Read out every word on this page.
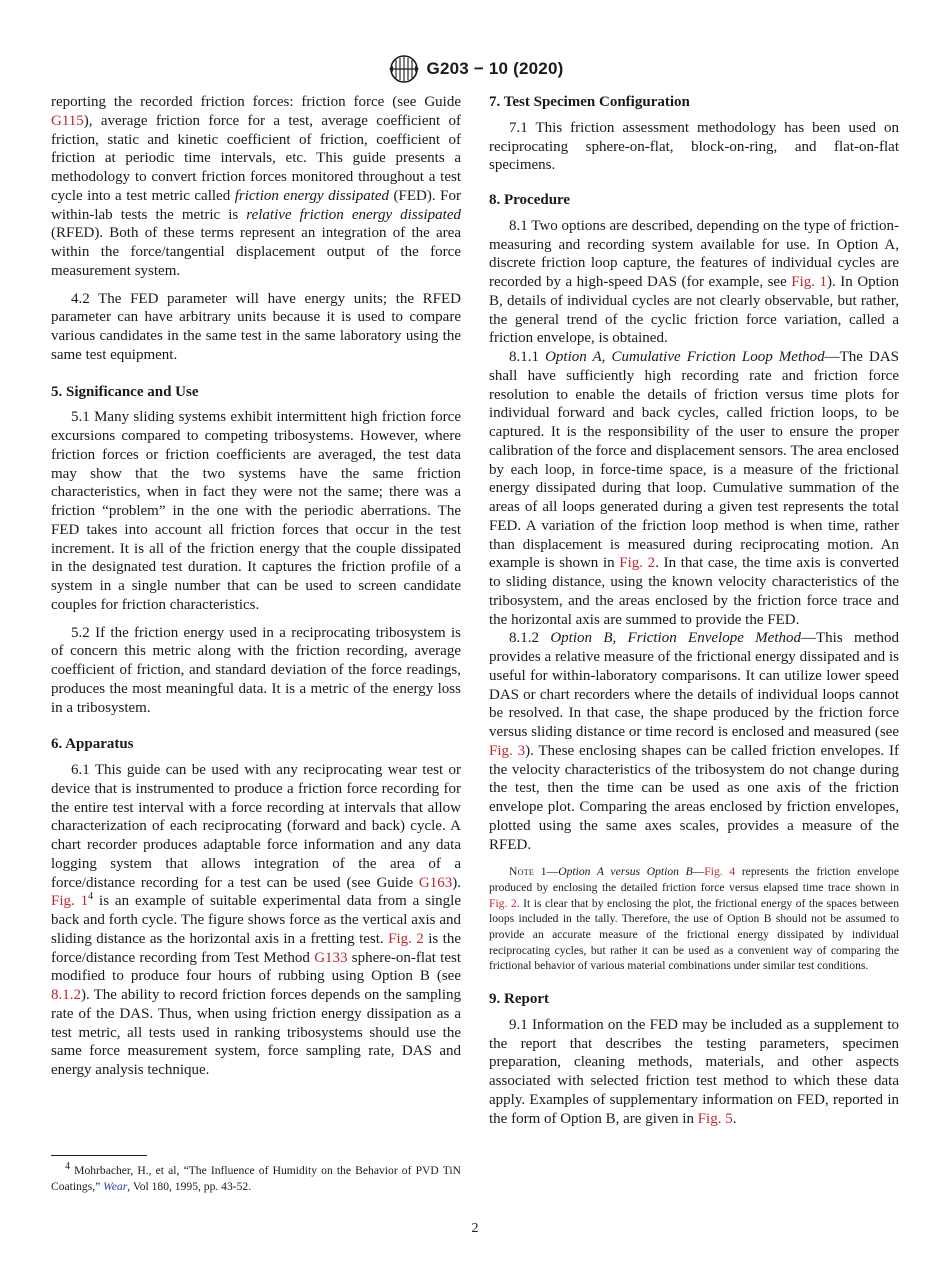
G203 − 10 (2020)

reporting the recorded friction forces: friction force (see Guide G115), average friction force for a test, average coefficient of friction, static and kinetic coefficient of friction, coefficient of friction at periodic time intervals, etc. This guide presents a methodology to convert friction forces monitored throughout a test cycle into a test metric called friction energy dissipated (FED). For within-lab tests the metric is relative friction energy dissipated (RFED). Both of these terms represent an integration of the area within the force/tangential displacement output of the force measurement system.

4.2 The FED parameter will have energy units; the RFED parameter can have arbitrary units because it is used to compare various candidates in the same test in the same laboratory using the same test equipment.

5. Significance and Use

5.1 Many sliding systems exhibit intermittent high friction force excursions compared to competing tribosystems. However, where friction forces or friction coefficients are averaged, the test data may show that the two systems have the same friction characteristics, when in fact they were not the same; there was a friction “problem” in the one with the periodic aberrations. The FED takes into account all friction forces that occur in the test increment. It is all of the friction energy that the couple dissipated in the designated test duration. It captures the friction profile of a system in a single number that can be used to screen candidate couples for friction characteristics.

5.2 If the friction energy used in a reciprocating tribosystem is of concern this metric along with the friction recording, average coefficient of friction, and standard deviation of the force readings, produces the most meaningful data. It is a metric of the energy loss in a tribosystem.

6. Apparatus

6.1 This guide can be used with any reciprocating wear test or device that is instrumented to produce a friction force recording for the entire test interval with a force recording at intervals that allow characterization of each reciprocating (forward and back) cycle. A chart recorder produces adaptable force information and any data logging system that allows integration of the area of a force/distance recording for a test can be used (see Guide G163). Fig. $1^4$ is an example of suitable experimental data from a single back and forth cycle. The figure shows force as the vertical axis and sliding distance as the horizontal axis in a fretting test. Fig. 2 is the force/distance recording from Test Method G133 sphere-on-flat test modified to produce four hours of rubbing using Option B (see 8.1.2). The ability to record friction forces depends on the sampling rate of the DAS. Thus, when using friction energy dissipation as a test metric, all tests used in ranking tribosystems should use the same force measurement system, force sampling rate, DAS and energy analysis technique.

$^4$ Mohrbacher, H., et al, “The Influence of Humidity on the Behavior of PVD TiN Coatings,” Wear, Vol 180, 1995, pp. 43-52.
7. Test Specimen Configuration

7.1 This friction assessment methodology has been used on reciprocating sphere-on-flat, block-on-ring, and flat-on-flat specimens.

8. Procedure

8.1 Two options are described, depending on the type of friction-measuring and recording system available for use. In Option A, discrete friction loop capture, the features of individual cycles are recorded by a high-speed DAS (for example, see Fig. 1). In Option B, details of individual cycles are not clearly observable, but rather, the general trend of the cyclic friction force variation, called a friction envelope, is obtained.

8.1.1 Option A, Cumulative Friction Loop Method—The DAS shall have sufficiently high recording rate and friction force resolution to enable the details of friction versus time plots for individual forward and back cycles, called friction loops, to be captured. It is the responsibility of the user to ensure the proper calibration of the force and displacement sensors. The area enclosed by each loop, in force-time space, is a measure of the frictional energy dissipated during that loop. Cumulative summation of the areas of all loops generated during a given test represents the total FED. A variation of the friction loop method is when time, rather than displacement is measured during reciprocating motion. An example is shown in Fig. 2. In that case, the time axis is converted to sliding distance, using the known velocity characteristics of the tribosystem, and the areas enclosed by the friction force trace and the horizontal axis are summed to provide the FED.

8.1.2 Option B, Friction Envelope Method—This method provides a relative measure of the frictional energy dissipated and is useful for within-laboratory comparisons. It can utilize lower speed DAS or chart recorders where the details of individual loops cannot be resolved. In that case, the shape produced by the friction force versus sliding distance or time record is enclosed and measured (see Fig. 3). These enclosing shapes can be called friction envelopes. If the velocity characteristics of the tribosystem do not change during the test, then the time can be used as one axis of the friction envelope plot. Comparing the areas enclosed by friction envelopes, plotted using the same axes scales, provides a measure of the RFED.

Note 1—Option A versus Option B—Fig. 4 represents the friction envelope produced by enclosing the detailed friction force versus elapsed time trace shown in Fig. 2. It is clear that by enclosing the plot, the frictional energy of the spaces between loops included in the tally. Therefore, the use of Option B should not be assumed to provide an accurate measure of the frictional energy dissipated by individual reciprocating cycles, but rather it can be used as a convenient way of comparing the frictional behavior of various material combinations under similar test conditions.

9. Report

9.1 Information on the FED may be included as a supplement to the report that describes the testing parameters, specimen preparation, cleaning methods, materials, and other aspects associated with selected friction test method to which these data apply. Examples of supplementary information on FED, reported in the form of Option B, are given in Fig. 5.

2
